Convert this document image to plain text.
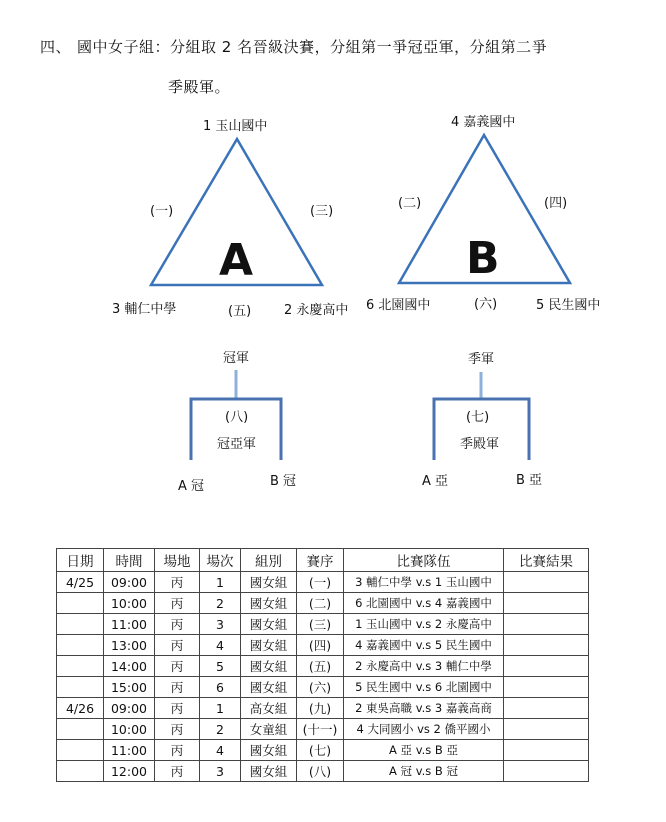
四、 國中女子組：分組取 2 名晉級決賽，分組第一爭冠亞軍，分組第二爭
季殿軍。
1 玉山國中
(一)	(三)
A
3 輔仁中學	(五)	2 永慶高中
4 嘉義國中
(二)	(四)
B
6 北園國中	(六)	5 民生國中
冠軍
(八)
冠亞軍
A 冠	B 冠
季軍
(七)
季殿軍
A 亞	B 亞
日期	時間	場地	場次	組別	賽序	比賽隊伍	比賽結果
4/25	09:00	丙	1	國女組	(一)	3 輔仁中學 v.s 1 玉山國中	
	10:00	丙	2	國女組	(二)	6 北園國中 v.s 4 嘉義國中	
	11:00	丙	3	國女組	(三)	1 玉山國中 v.s 2 永慶高中	
	13:00	丙	4	國女組	(四)	4 嘉義國中 v.s 5 民生國中	
	14:00	丙	5	國女組	(五)	2 永慶高中 v.s 3 輔仁中學	
	15:00	丙	6	國女組	(六)	5 民生國中 v.s 6 北園國中	
4/26	09:00	丙	1	高女組	(九)	2 東吳高職 v.s 3 嘉義高商	
	10:00	丙	2	女童組	(十一)	4 大同國小 vs 2 僑平國小	
	11:00	丙	4	國女組	(七)	A 亞 v.s B 亞	
	12:00	丙	3	國女組	(八)	A 冠 v.s B 冠	
